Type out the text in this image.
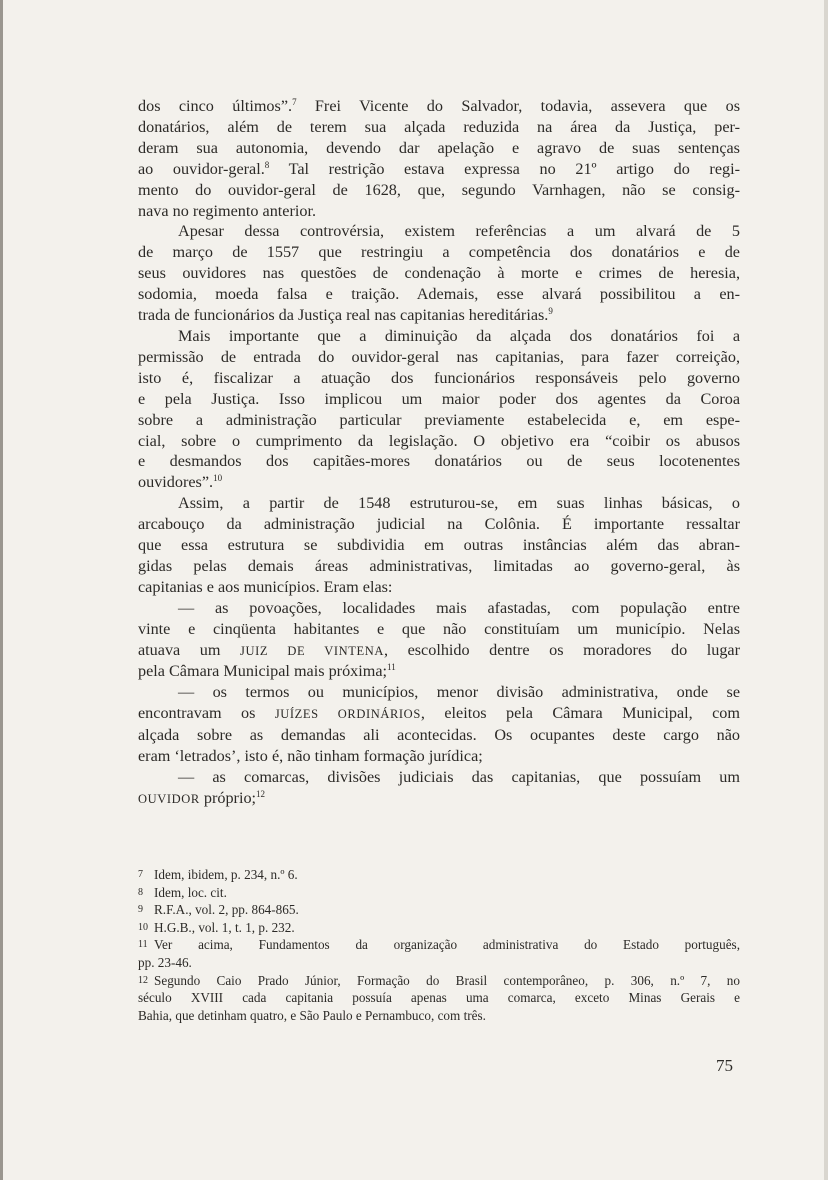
dos cinco últimos”.$^7$ Frei Vicente do Salvador, todavia, assevera que os
donatários, além de terem sua alçada reduzida na área da Justiça, per-
deram sua autonomia, devendo dar apelação e agravo de suas sentenças
ao ouvidor-geral.$^8$ Tal restrição estava expressa no 21º artigo do regi-
mento do ouvidor-geral de 1628, que, segundo Varnhagen, não se consig-
nava no regimento anterior.
Apesar dessa controvérsia, existem referências a um alvará de 5
de março de 1557 que restringiu a competência dos donatários e de
seus ouvidores nas questões de condenação à morte e crimes de heresia,
sodomia, moeda falsa e traição. Ademais, esse alvará possibilitou a en-
trada de funcionários da Justiça real nas capitanias hereditárias.$^9$
Mais importante que a diminuição da alçada dos donatários foi a
permissão de entrada do ouvidor-geral nas capitanias, para fazer correição,
isto é, fiscalizar a atuação dos funcionários responsáveis pelo governo
e pela Justiça. Isso implicou um maior poder dos agentes da Coroa
sobre a administração particular previamente estabelecida e, em espe-
cial, sobre o cumprimento da legislação. O objetivo era “coibir os abusos
e desmandos dos capitães-mores donatários ou de seus locotenentes
ouvidores”.$^{10}$
Assim, a partir de 1548 estruturou-se, em suas linhas básicas, o
arcabouço da administração judicial na Colônia. É importante ressaltar
que essa estrutura se subdividia em outras instâncias além das abran-
gidas pelas demais áreas administrativas, limitadas ao governo-geral, às
capitanias e aos municípios. Eram elas:
— as povoações, localidades mais afastadas, com população entre
vinte e cinqüenta habitantes e que não constituíam um município. Nelas
atuava um JUIZ DE VINTENA, escolhido dentre os moradores do lugar
pela Câmara Municipal mais próxima;$^{11}$
— os termos ou municípios, menor divisão administrativa, onde se
encontravam os JUÍZES ORDINÁRIOS, eleitos pela Câmara Municipal, com
alçada sobre as demandas ali acontecidas. Os ocupantes deste cargo não
eram ‘letrados’, isto é, não tinham formação jurídica;
— as comarcas, divisões judiciais das capitanias, que possuíam um
OUVIDOR próprio;$^{12}$
7 Idem, ibidem, p. 234, n.º 6.
8 Idem, loc. cit.
9 R.F.A., vol. 2, pp. 864-865.
10 H.G.B., vol. 1, t. 1, p. 232.
11 Ver acima, Fundamentos da organização administrativa do Estado português,
pp. 23-46.
12 Segundo Caio Prado Júnior, Formação do Brasil contemporâneo, p. 306, n.º 7, no
século XVIII cada capitania possuía apenas uma comarca, exceto Minas Gerais e
Bahia, que detinham quatro, e São Paulo e Pernambuco, com três.
75
